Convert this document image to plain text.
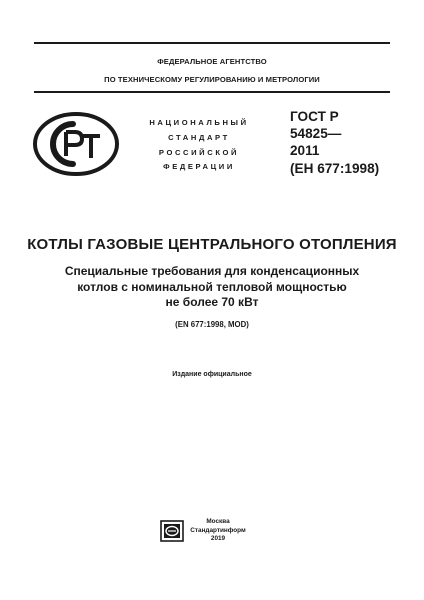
ФЕДЕРАЛЬНОЕ АГЕНТСТВО
ПО ТЕХНИЧЕСКОМУ РЕГУЛИРОВАНИЮ И МЕТРОЛОГИИ
НАЦИОНАЛЬНЫЙ
СТАНДАРТ
РОССИЙСКОЙ
ФЕДЕРАЦИИ
ГОСТ Р
54825—
2011
(ЕН 677:1998)
КОТЛЫ ГАЗОВЫЕ ЦЕНТРАЛЬНОГО ОТОПЛЕНИЯ
Специальные требования для конденсационных
котлов с номинальной тепловой мощностью
не более 70 кВт
(EN 677:1998, MOD)
Издание официальное
Москва
Стандартинформ
2019
